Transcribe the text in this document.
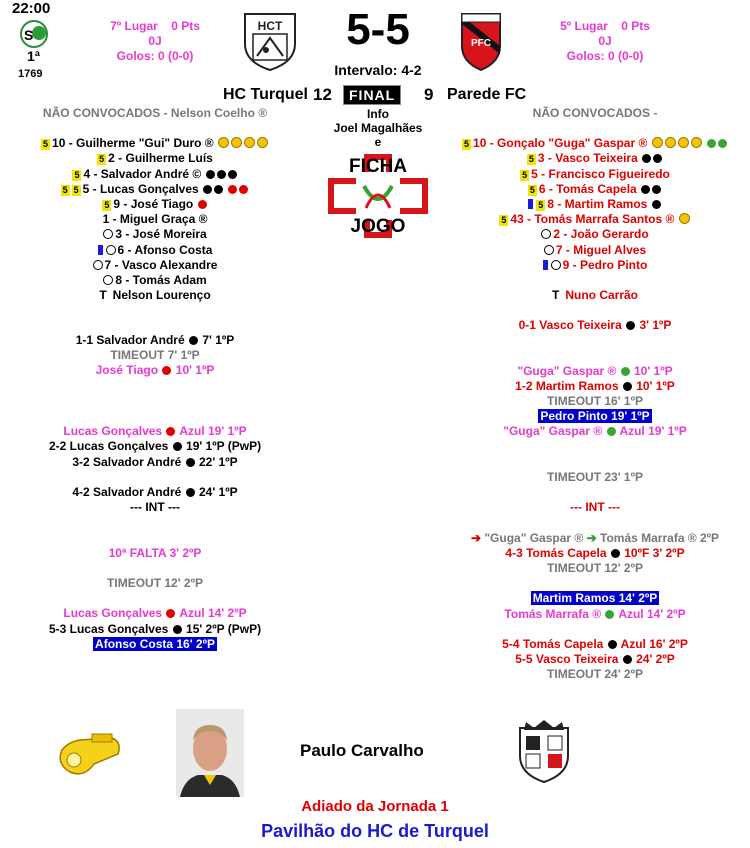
22:00
S
1ª
1769
7º Lugar 0 Pts
0J
Golos: 0 (0-0)
HCT	5-5
Intervalo: 4-2
PFC
5º Lugar 0 Pts
0J
Golos: 0 (0-0)
HC Turquel 12	FINAL 9 Parede FC
Info
Joel Magalhães
e
FICHA
JOGO
NÃO CONVOCADOS - Nelson Coelho ®
5 10 - Guilherme "Gui" Duro ®
5 2 - Guilherme Luís
5 4 - Salvador André ©
5 5 5 - Lucas Gonçalves
5 9 - José Tiago
1 - Miguel Graça ®
3 - José Moreira
6 - Afonso Costa
7 - Vasco Alexandre
8 - Tomás Adam
T Nelson Lourenço
NÃO CONVOCADOS -
5 10 - Gonçalo "Guga" Gaspar ®
5 3 - Vasco Teixeira
5 5 - Francisco Figueiredo
5 6 - Tomás Capela
5 8 - Martim Ramos
5 43 - Tomás Marrafa Santos ®
2 - João Gerardo
7 - Miguel Alves
9 - Pedro Pinto
T Nuno Carrão
1-1 Salvador André 7' 1ºP
TIMEOUT 7' 1ºP
José Tiago 10' 1ºP
Lucas Gonçalves Azul 19' 1ºP
2-2 Lucas Gonçalves 19' 1ºP (PwP)
3-2 Salvador André 22' 1ºP
4-2 Salvador André 24' 1ºP
--- INT ---
10ª FALTA 3' 2ºP
TIMEOUT 12' 2ºP
Lucas Gonçalves Azul 14' 2ºP
5-3 Lucas Gonçalves 15' 2ºP (PwP)
Afonso Costa 16' 2ºP
0-1 Vasco Teixeira 3' 1ºP
"Guga" Gaspar ® 10' 1ºP
1-2 Martim Ramos 10' 1ºP
TIMEOUT 16' 1ºP
Pedro Pinto 19' 1ºP
"Guga" Gaspar ® Azul 19' 1ºP
TIMEOUT 23' 1ºP
--- INT ---
➔ "Guga" Gaspar ® ➔ Tomás Marrafa ® 2ºP
4-3 Tomás Capela 10ºF 3' 2ºP
TIMEOUT 12' 2ºP
Martim Ramos 14' 2ºP
Tomás Marrafa ® Azul 14' 2ºP
5-4 Tomás Capela Azul 16' 2ºP
5-5 Vasco Teixeira 24' 2ºP
TIMEOUT 24' 2ºP
Paulo Carvalho
Adiado da Jornada 1
Pavilhão do HC de Turquel
